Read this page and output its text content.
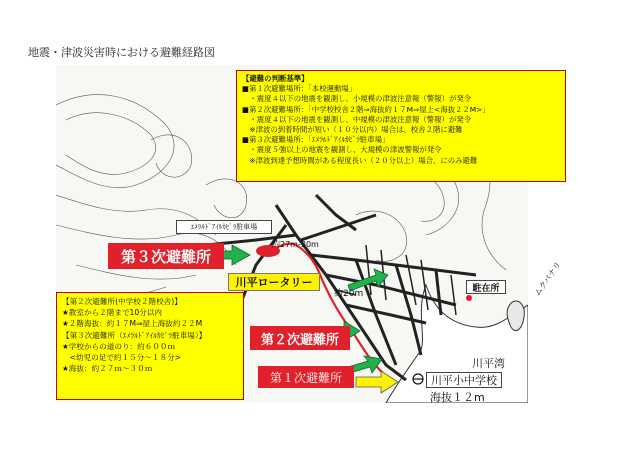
地震・津波災害時における避難経路図
【避難の判断基準】
■第１次避難場所：「本校運動場」
　・震度４以下の地震を観測し、小規模の津波注意報（警報）が発令
■第２次避難場所：「中学校校舎２階⇒海抜約１７M⇒屋上<海抜２２M>」
　・震度４以下の地震を観測し、中規模の津波注意報（警報）が発令
　※津波の到着時間が短い（１０分以内）場合は、校舎２階に避難
■第３次避難場所：「ｴﾒﾗﾙﾄﾞｱｲﾙｶﾋﾞﾗ駐車場」
　・震度５強以上の地震を観測し、大規模の津波警報が発令
　※津波到達予想時間がある程度長い（２０分以上）場合、にのみ避難
【第２次避難所(中学校２階校舎)】
★教室から２階まで10分以内
★２階海抜：約１７M⇒屋上海抜約２２M
【第３次避難所（ｴﾒﾗﾙﾄﾞｱｲﾙｶﾋﾞﾗ駐車場）】
★学校からの道のり：約６００ｍ
　<幼児の足で約１５分～１８分>
★海抜：約２７ｍ～３０ｍ
第３次避難所
ｴﾒﾗﾙﾄﾞｱｲﾙｶﾋﾞﾗ駐車場
約27m-30m
川平ロータリー
約20m
第２次避難所
第１次避難所
駐在所
川平湾
川平小中学校
海抜１２m
ムクバナリ
